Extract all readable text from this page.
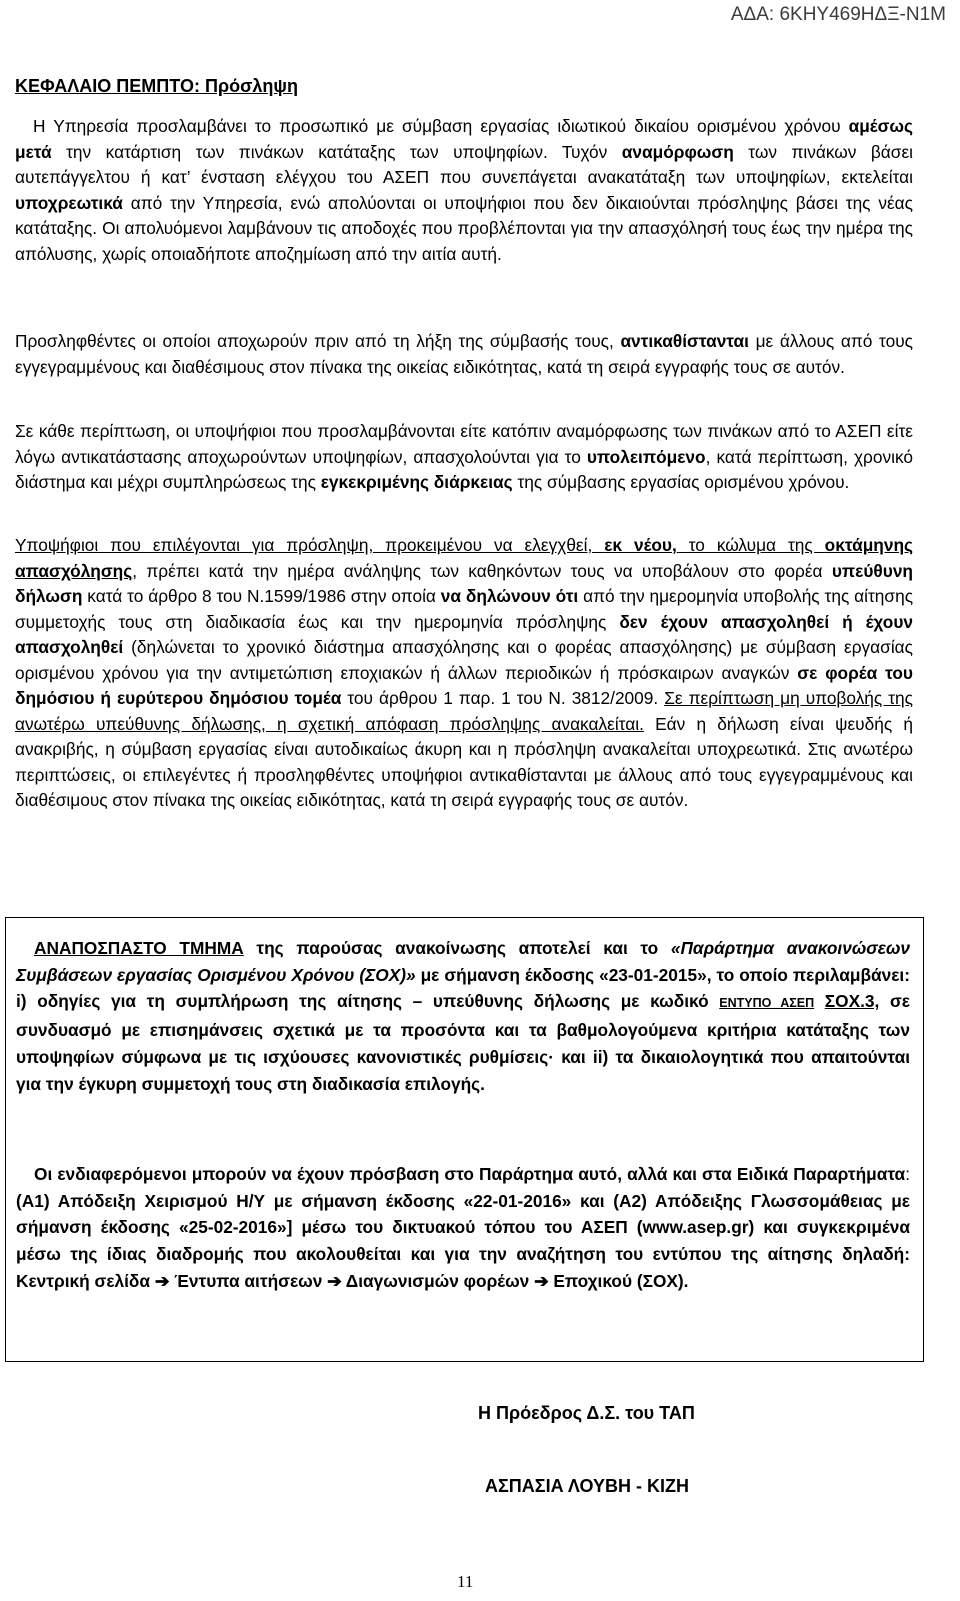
ΑΔΑ: 6ΚΗΥ469ΗΔΞ-Ν1Μ
ΚΕΦΑΛΑΙΟ ΠΕΜΠΤΟ: Πρόσληψη
Η Υπηρεσία προσλαμβάνει το προσωπικό με σύμβαση εργασίας ιδιωτικού δικαίου ορισμένου χρόνου αμέσως μετά την κατάρτιση των πινάκων κατάταξης των υποψηφίων. Τυχόν αναμόρφωση των πινάκων βάσει αυτεπάγγελτου ή κατ’ ένσταση ελέγχου του ΑΣΕΠ που συνεπάγεται ανακατάταξη των υποψηφίων, εκτελείται υποχρεωτικά από την Υπηρεσία, ενώ απολύονται οι υποψήφιοι που δεν δικαιούνται πρόσληψης βάσει της νέας κατάταξης. Οι απολυόμενοι λαμβάνουν τις αποδοχές που προβλέπονται για την απασχόλησή τους έως την ημέρα της απόλυσης, χωρίς οποιαδήποτε αποζημίωση από την αιτία αυτή.
Προσληφθέντες οι οποίοι αποχωρούν πριν από τη λήξη της σύμβασής τους, αντικαθίστανται με άλλους από τους εγγεγραμμένους και διαθέσιμους στον πίνακα της οικείας ειδικότητας, κατά τη σειρά εγγραφής τους σε αυτόν.
Σε κάθε περίπτωση, οι υποψήφιοι που προσλαμβάνονται είτε κατόπιν αναμόρφωσης των πινάκων από το ΑΣΕΠ είτε λόγω αντικατάστασης αποχωρούντων υποψηφίων, απασχολούνται για το υπολειπόμενο, κατά περίπτωση, χρονικό διάστημα και μέχρι συμπληρώσεως της εγκεκριμένης διάρκειας της σύμβασης εργασίας ορισμένου χρόνου.
Υποψήφιοι που επιλέγονται για πρόσληψη, προκειμένου να ελεγχθεί, εκ νέου, το κώλυμα της οκτάμηνης απασχόλησης, πρέπει κατά την ημέρα ανάληψης των καθηκόντων τους να υποβάλουν στο φορέα υπεύθυνη δήλωση κατά το άρθρο 8 του Ν.1599/1986 στην οποία να δηλώνουν ότι από την ημερομηνία υποβολής της αίτησης συμμετοχής τους στη διαδικασία έως και την ημερομηνία πρόσληψης δεν έχουν απασχοληθεί ή έχουν απασχοληθεί (δηλώνεται το χρονικό διάστημα απασχόλησης και ο φορέας απασχόλησης) με σύμβαση εργασίας ορισμένου χρόνου για την αντιμετώπιση εποχιακών ή άλλων περιοδικών ή πρόσκαιρων αναγκών σε φορέα του δημόσιου ή ευρύτερου δημόσιου τομέα του άρθρου 1 παρ. 1 του Ν. 3812/2009. Σε περίπτωση μη υποβολής της ανωτέρω υπεύθυνης δήλωσης, η σχετική απόφαση πρόσληψης ανακαλείται. Εάν η δήλωση είναι ψευδής ή ανακριβής, η σύμβαση εργασίας είναι αυτοδικαίως άκυρη και η πρόσληψη ανακαλείται υποχρεωτικά. Στις ανωτέρω περιπτώσεις, οι επιλεγέντες ή προσληφθέντες υποψήφιοι αντικαθίστανται με άλλους από τους εγγεγραμμένους και διαθέσιμους στον πίνακα της οικείας ειδικότητας, κατά τη σειρά εγγραφής τους σε αυτόν.
ΑΝΑΠΟΣΠΑΣΤΟ ΤΜΗΜΑ της παρούσας ανακοίνωσης αποτελεί και το «Παράρτημα ανακοινώσεων Συμβάσεων εργασίας Ορισμένου Χρόνου (ΣΟΧ)» με σήμανση έκδοσης «23-01-2015», το οποίο περιλαμβάνει: i) οδηγίες για τη συμπλήρωση της αίτησης – υπεύθυνης δήλωσης με κωδικό ΕΝΤΥΠΟ ΑΣΕΠ ΣΟΧ.3, σε συνδυασμό με επισημάνσεις σχετικά με τα προσόντα και τα βαθμολογούμενα κριτήρια κατάταξης των υποψηφίων σύμφωνα με τις ισχύουσες κανονιστικές ρυθμίσεις· και ii) τα δικαιολογητικά που απαιτούνται για την έγκυρη συμμετοχή τους στη διαδικασία επιλογής.
Οι ενδιαφερόμενοι μπορούν να έχουν πρόσβαση στο Παράρτημα αυτό, αλλά και στα Ειδικά Παραρτήματα: (Α1) Απόδειξη Χειρισμού Η/Υ με σήμανση έκδοσης «22-01-2016» και (Α2) Απόδειξης Γλωσσομάθειας με σήμανση έκδοσης «25-02-2016»] μέσω του δικτυακού τόπου του ΑΣΕΠ (www.asep.gr) και συγκεκριμένα μέσω της ίδιας διαδρομής που ακολουθείται και για την αναζήτηση του εντύπου της αίτησης δηλαδή: Κεντρική σελίδα ➔ Έντυπα αιτήσεων ➔ Διαγωνισμών φορέων ➔ Εποχικού (ΣΟΧ).
Η Πρόεδρος Δ.Σ. του ΤΑΠ
ΑΣΠΑΣΙΑ ΛΟΥΒΗ - ΚΙΖΗ
11
